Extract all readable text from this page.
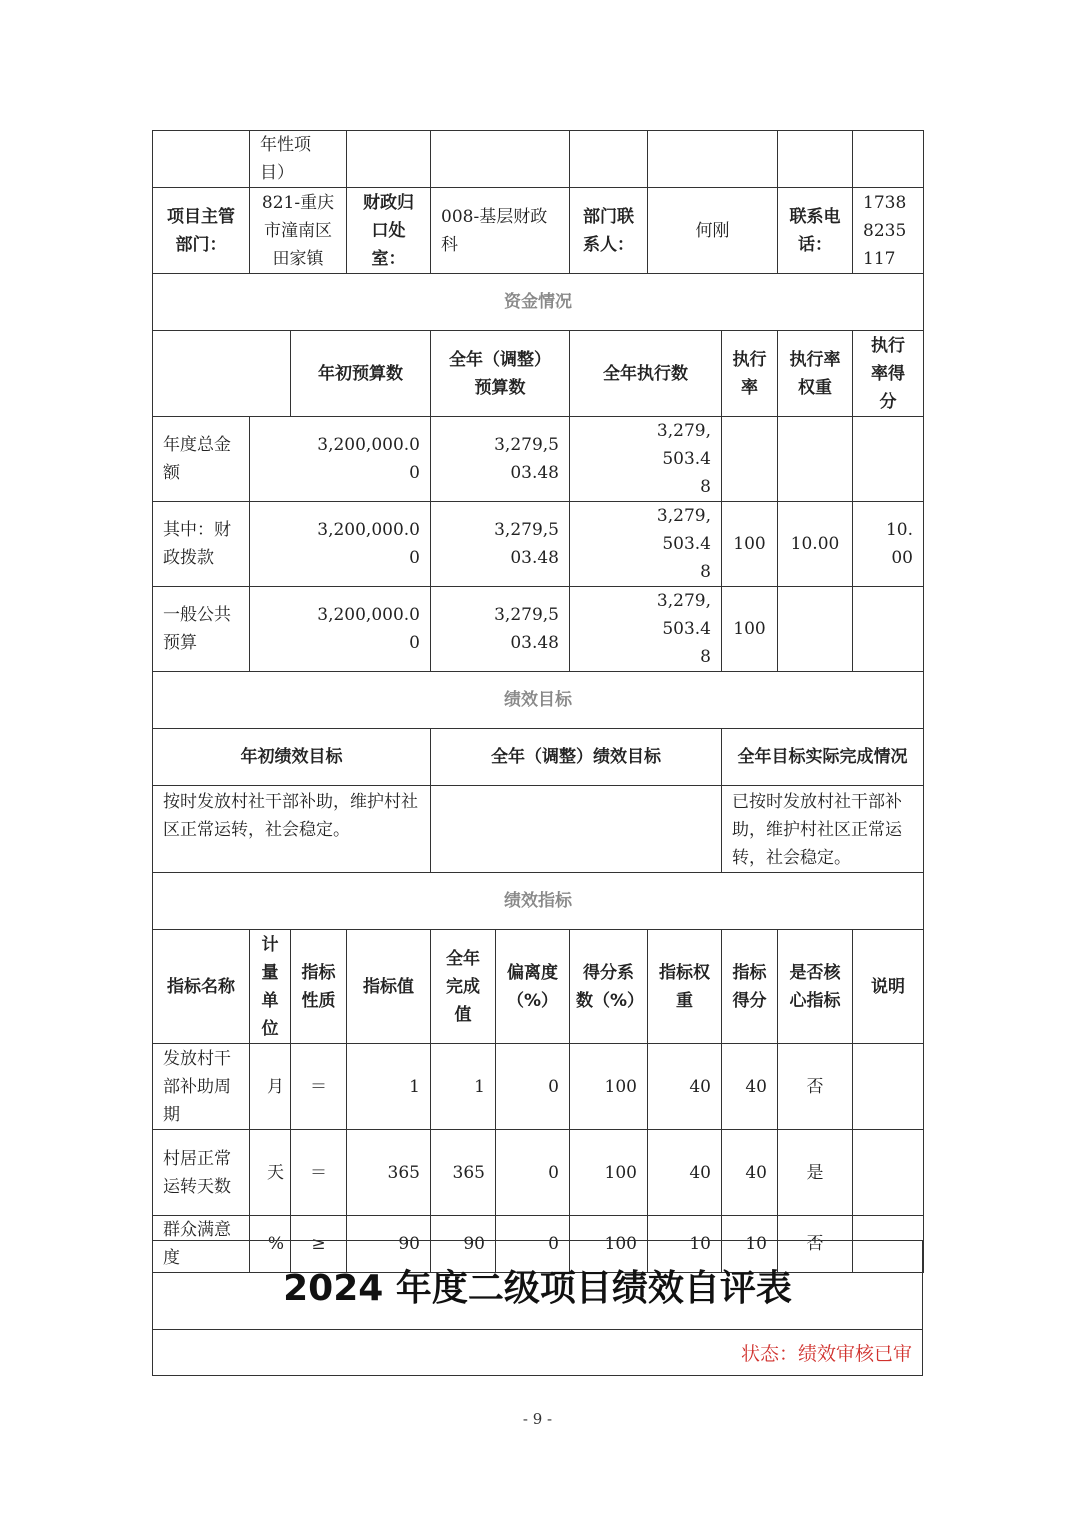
	年性项目）									
项目主管部门：	821-重庆市潼南区田家镇		财政归口处室：	008-基层财政科		部门联系人：	何刚		联系电话：	17388235117
资金情况										
		年初预算数		全年（调整）预算数		全年执行数		执行率	执行率权重	执行率得分
年度总金额	3,200,000.00			3,279,503.48		3,279,503.48				
其中：财政拨款	3,200,000.00			3,279,503.48		3,279,503.48		100	10.00	10.00
一般公共预算	3,200,000.00			3,279,503.48		3,279,503.48		100		
绩效目标										
年初绩效目标				全年（调整）绩效目标				全年目标实际完成情况		
按时发放村社干部补助，维护村社区正常运转，社会稳定。								已按时发放村社干部补助，维护村社区正常运转，社会稳定。		
绩效指标										
指标名称	计量单位	指标性质	指标值	全年完成值	偏离度（%）	得分系数（%）	指标权重	指标得分	是否核心指标	说明
发放村干部补助周期	月	＝	1	1	0	100	40	40	否	
村居正常运转天数	天	＝	365	365	0	100	40	40	是	
群众满意度	%	≥	90	90	0	100	10	10	否	
2024 年度二级项目绩效自评表
状态：绩效审核已审
- 9 -
